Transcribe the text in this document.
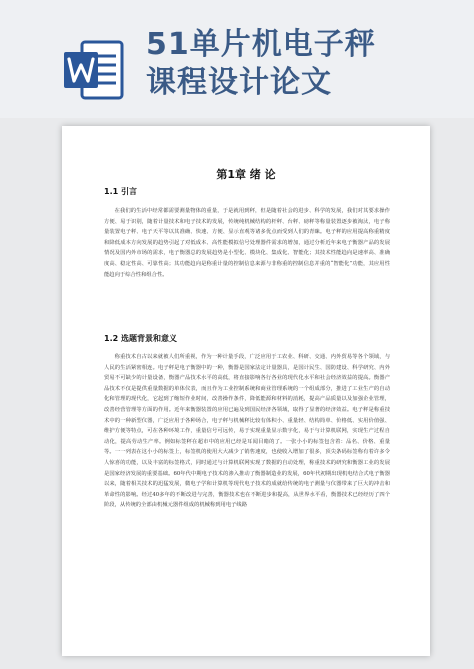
51单片机电子秤
课程设计论文
第1章 绪 论
1.1 引言
在我们的生活中经常都需要测量物体的重量，于是就用到秤，但是随着社会的进步、科学的发展，我们对其要求操作方便、易于识别，随着计量技术和电子技术的发展，传统纯机械结构的杆秤、台秤、磅秤等称量装置逐步被淘汰，电子称量装置电子秤、电子天平等以其准确、快速、方便、显示直观等诸多优点而受到人们的青睐。电子秤的应用提高称重精度和降低成本方向发展的趋势引起了对低成本、高性能模拟信号处理器件需求的增加，通过分析近年来电子衡器产品的发展情况及国内外市场的需求，电子衡器总的发展趋势是小型化、模块化、集成化、智能化；其技术性能趋向是速率高、准确度高、稳定性高、可靠性高；其功能趋向是称重计量的控制信息来源与非称重的控制信息并重的“智能化”功能，其应用性能趋向于综合性和组合性。
1.2 选题背景和意义
称重技术自古以来就被人们所重视，作为一种计量手段，广泛应用于工农业、科研、交通、内外贸易等各个领域，与人民的生活紧密相连。电子秤是电子衡器中的一种，衡器是国家法定计量器具，是国计民生、国防建设、科学研究、内外贸易不可缺少的计量设备，衡器产品技术水平的高低，将直接影响各行各业的现代化水平和社会经济效益的提高。衡器产品技术不仅是提供重量数据的单体仪表，而且作为工业控制系统和商业管理系统的一个组成部分，推进了工业生产的自动化和管理的现代化，它起到了缩短作业时间，改善操作条件，降低能源和材料的消耗，提高产品质量以及加强企业管理，改善经营管理等方面的作用。近年来衡器装置的应用已遍及到国民经济各领域，取得了显著的经济效益。电子秤是称重技术中的一种新型仪器，广泛应用于各种场合，电子秤与机械秤比较有体积小、重量轻、结构简单、价格低、实用价值强、维护方便等特点，可在各种环境工作，重量信号可远传，易于实现重量显示数字化，易于与计算机联网，实现生产过程自动化，提高劳动生产率。例如标签秤在超市中的应用已经是耳闻目睹的了。一张小小的标签包含着：品名、价格、重量等。一一列表在这小小的标签上，标签机的使用大大减少了销售速度，也使收入增加了很多，顶尖条码标签称有着许多令人惊喜的功能，以及丰富的标签格式，同时通过与计算机联网实现了数据的自动处理，称重技术的研究和衡器工业的发展是国家经济发展的重要基础。60年代中期电子技术的渗入推动了衡器制造业的发展，60年代初期出现机电结合式电子衡器以来，随着相关技术的迅猛发展，微电子学和计算机等现代电子技术的成就给传统的电子测量与仪器带来了巨大的冲击和革命性的影响。经过40多年的不断改进与完善，衡器技术也在不断进步和提高，从世界水平看，衡器技术已经经历了四个阶段，从传统的全部由机械元器件组成的机械称到用电子线路
